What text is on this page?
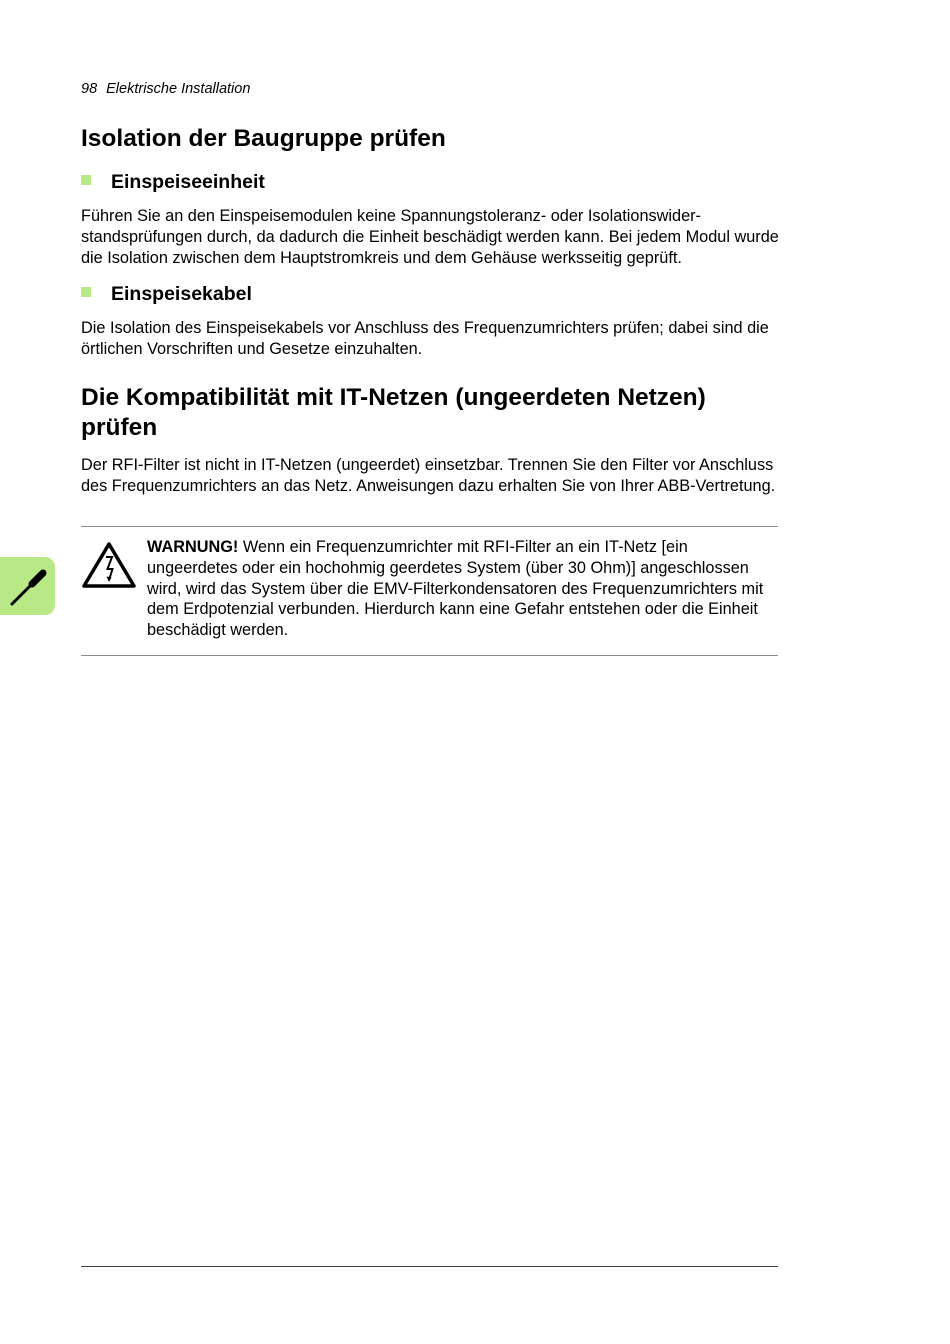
98 Elektrische Installation
Isolation der Baugruppe prüfen
Einspeiseeinheit

Führen Sie an den Einspeisemodulen keine Spannungstoleranz- oder Isolationswider-standsprüfungen durch, da dadurch die Einheit beschädigt werden kann. Bei jedem Modul wurde die Isolation zwischen dem Hauptstromkreis und dem Gehäuse werksseitig geprüft.

Einspeisekabel

Die Isolation des Einspeisekabels vor Anschluss des Frequenzumrichters prüfen; dabei sind die örtlichen Vorschriften und Gesetze einzuhalten.

Die Kompatibilität mit IT-Netzen (ungeerdeten Netzen) prüfen

Der RFI-Filter ist nicht in IT-Netzen (ungeerdet) einsetzbar. Trennen Sie den Filter vor Anschluss des Frequenzumrichters an das Netz. Anweisungen dazu erhalten Sie von Ihrer ABB-Vertretung.

WARNUNG! Wenn ein Frequenzumrichter mit RFI-Filter an ein IT-Netz [ein ungeerdetes oder ein hochohmig geerdetes System (über 30 Ohm)] angeschlossen wird, wird das System über die EMV-Filterkondensatoren des Frequenzumrichters mit dem Erdpotenzial verbunden. Hierdurch kann eine Gefahr entstehen oder die Einheit beschädigt werden.
